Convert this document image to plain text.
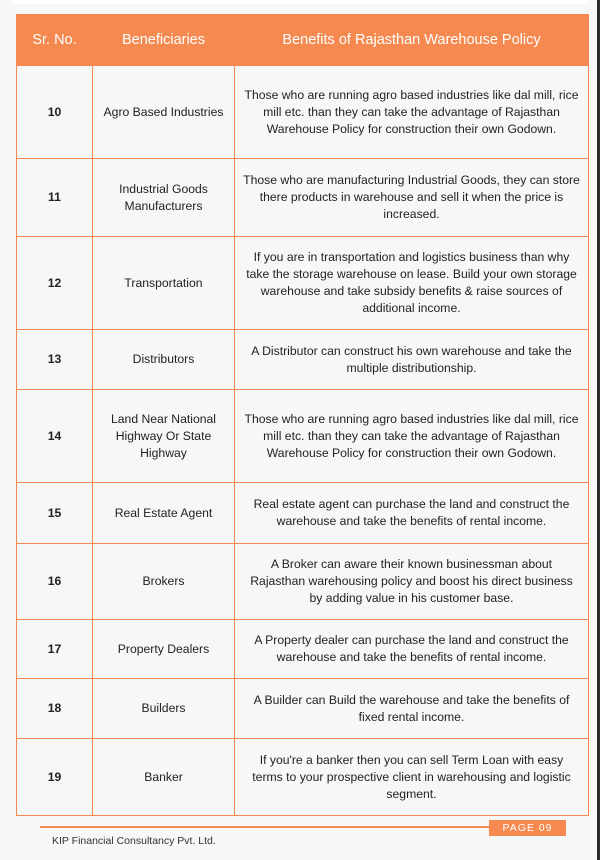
Sr. No.	Beneficiaries	Benefits of Rajasthan Warehouse Policy
10	Agro Based Industries	Those who are running agro based industries like dal mill, rice mill etc. than they can take the advantage of Rajasthan Warehouse Policy for construction their own Godown.
11	Industrial Goods Manufacturers	Those who are manufacturing Industrial Goods, they can store there products in warehouse and sell it when the price is increased.
12	Transportation	If you are in transportation and logistics business than why take the storage warehouse on lease. Build your own storage warehouse and take subsidy benefits & raise sources of additional income.
13	Distributors	A Distributor can construct his own warehouse and take the multiple distributionship.
14	Land Near National Highway Or State Highway	Those who are running agro based industries like dal mill, rice mill etc. than they can take the advantage of Rajasthan Warehouse Policy for construction their own Godown.
15	Real Estate Agent	Real estate agent can purchase the land and construct the warehouse and take the benefits of rental income.
16	Brokers	A Broker can aware their known businessman about Rajasthan warehousing policy and boost his direct business by adding value in his customer base.
17	Property Dealers	A Property dealer can purchase the land and construct the warehouse and take the benefits of rental income.
18	Builders	A Builder can Build the warehouse and take the benefits of fixed rental income.
19	Banker	If you're a banker then you can sell Term Loan with easy terms to your prospective client in warehousing and logistic segment.
PAGE 09
KIP Financial Consultancy Pvt. Ltd.
